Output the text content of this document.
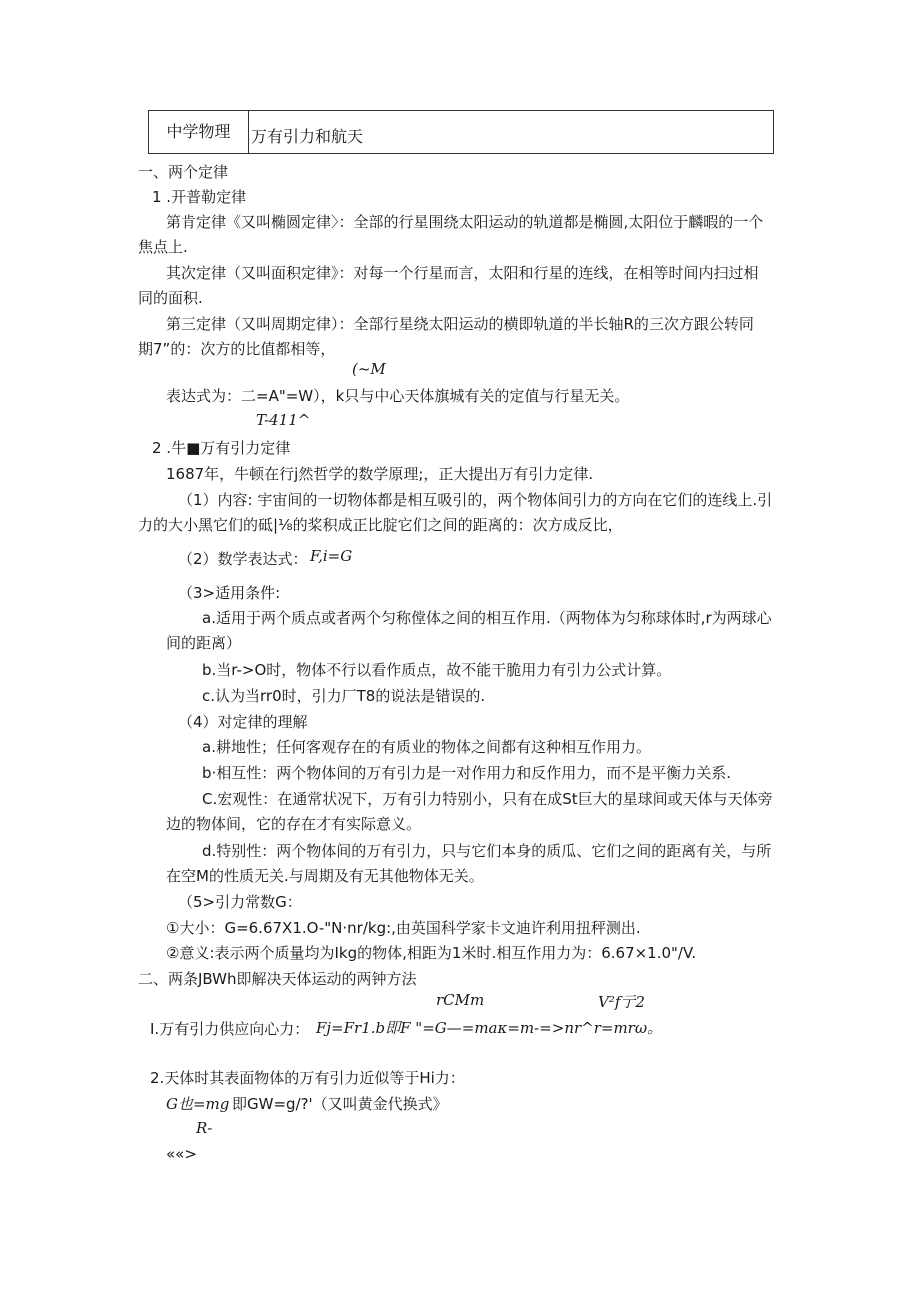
中学物理	万有引力和航天
一、两个定律
1 .开普勒定律
第肯定律《又叫椭圆定律〉：全部的行星围绕太阳运动的轨道都是椭圆,太阳位于麟暇的一个
焦点上.
其次定律（又叫面积定律》：对每一个行星而言，太阳和行星的连线，在相等时间内扫过相
同的面积.
第三定律（又叫周期定律）：全部行星绕太阳运动的横即轨道的半长轴R的三次方跟公转同
期7”的：次方的比值都相等，
(~M
表达式为：二=A"=W），k只与中心天体旗城有关的定值与行星无关。
T-411^
2 .牛■万有引力定律
1687年，牛顿在行j然哲学的数学原理;，正大提出万有引力定律.
（1）内容: 宇宙间的一切物体都是相互吸引的，两个物体间引力的方向在它们的连线上.引
力的大小黑它们的砥|⅛的桨积成正比腚它们之间的距离的：次方成反比，
（2）数学表达式： F,i=G
（3>适用条件:
a.适用于两个质点或者两个匀称㑽体之间的相互作用.（两物体为匀称球体时,r为两球心
间的距离）
b.当r->O时，物体不行以看作质点，故不能干脆用力有引力公式计算。
c.认为当rr0时，引力厂T8的说法是错误的.
（4）对定律的理解
a.耕地性；任何客观存在的有质业的物体之间都有这种相互作用力。
b·相互性：两个物体间的万有引力是一对作用力和反作用力，而不是平衡力关系.
C.宏观性：在通常状况下，万有引力特别小，只有在成St巨大的星球间或天体与天体旁
边的物体间，它的存在才有实际意义。
d.特别性：两个物体间的万有引力，只与它们本身的质瓜、它们之间的距离有关，与所
在空M的性质无关.与周期及有无其他物体无关。
（5>引力常数G：
①大小：G=6.67X1.O-"N·nr/kg:,由英国科学家卡文迪许利用扭秤测出.
②意义:表示两个质量均为Ikg的物体,相距为1米时.相互作用力为：6.67×1.0"/V.
二、两条JBWh即解决天体运动的两钟方法
rCMm	V²f亍2
I.万有引力供应向心力： Fj=Fr1.b即F "=G—=maκ=m-=>nr^r=mrω。
2.天体时其表面物体的万有引力近似等于Hi力：
G也=mg 即GW=g/?'（又叫黄金代换式》
R-
««>
